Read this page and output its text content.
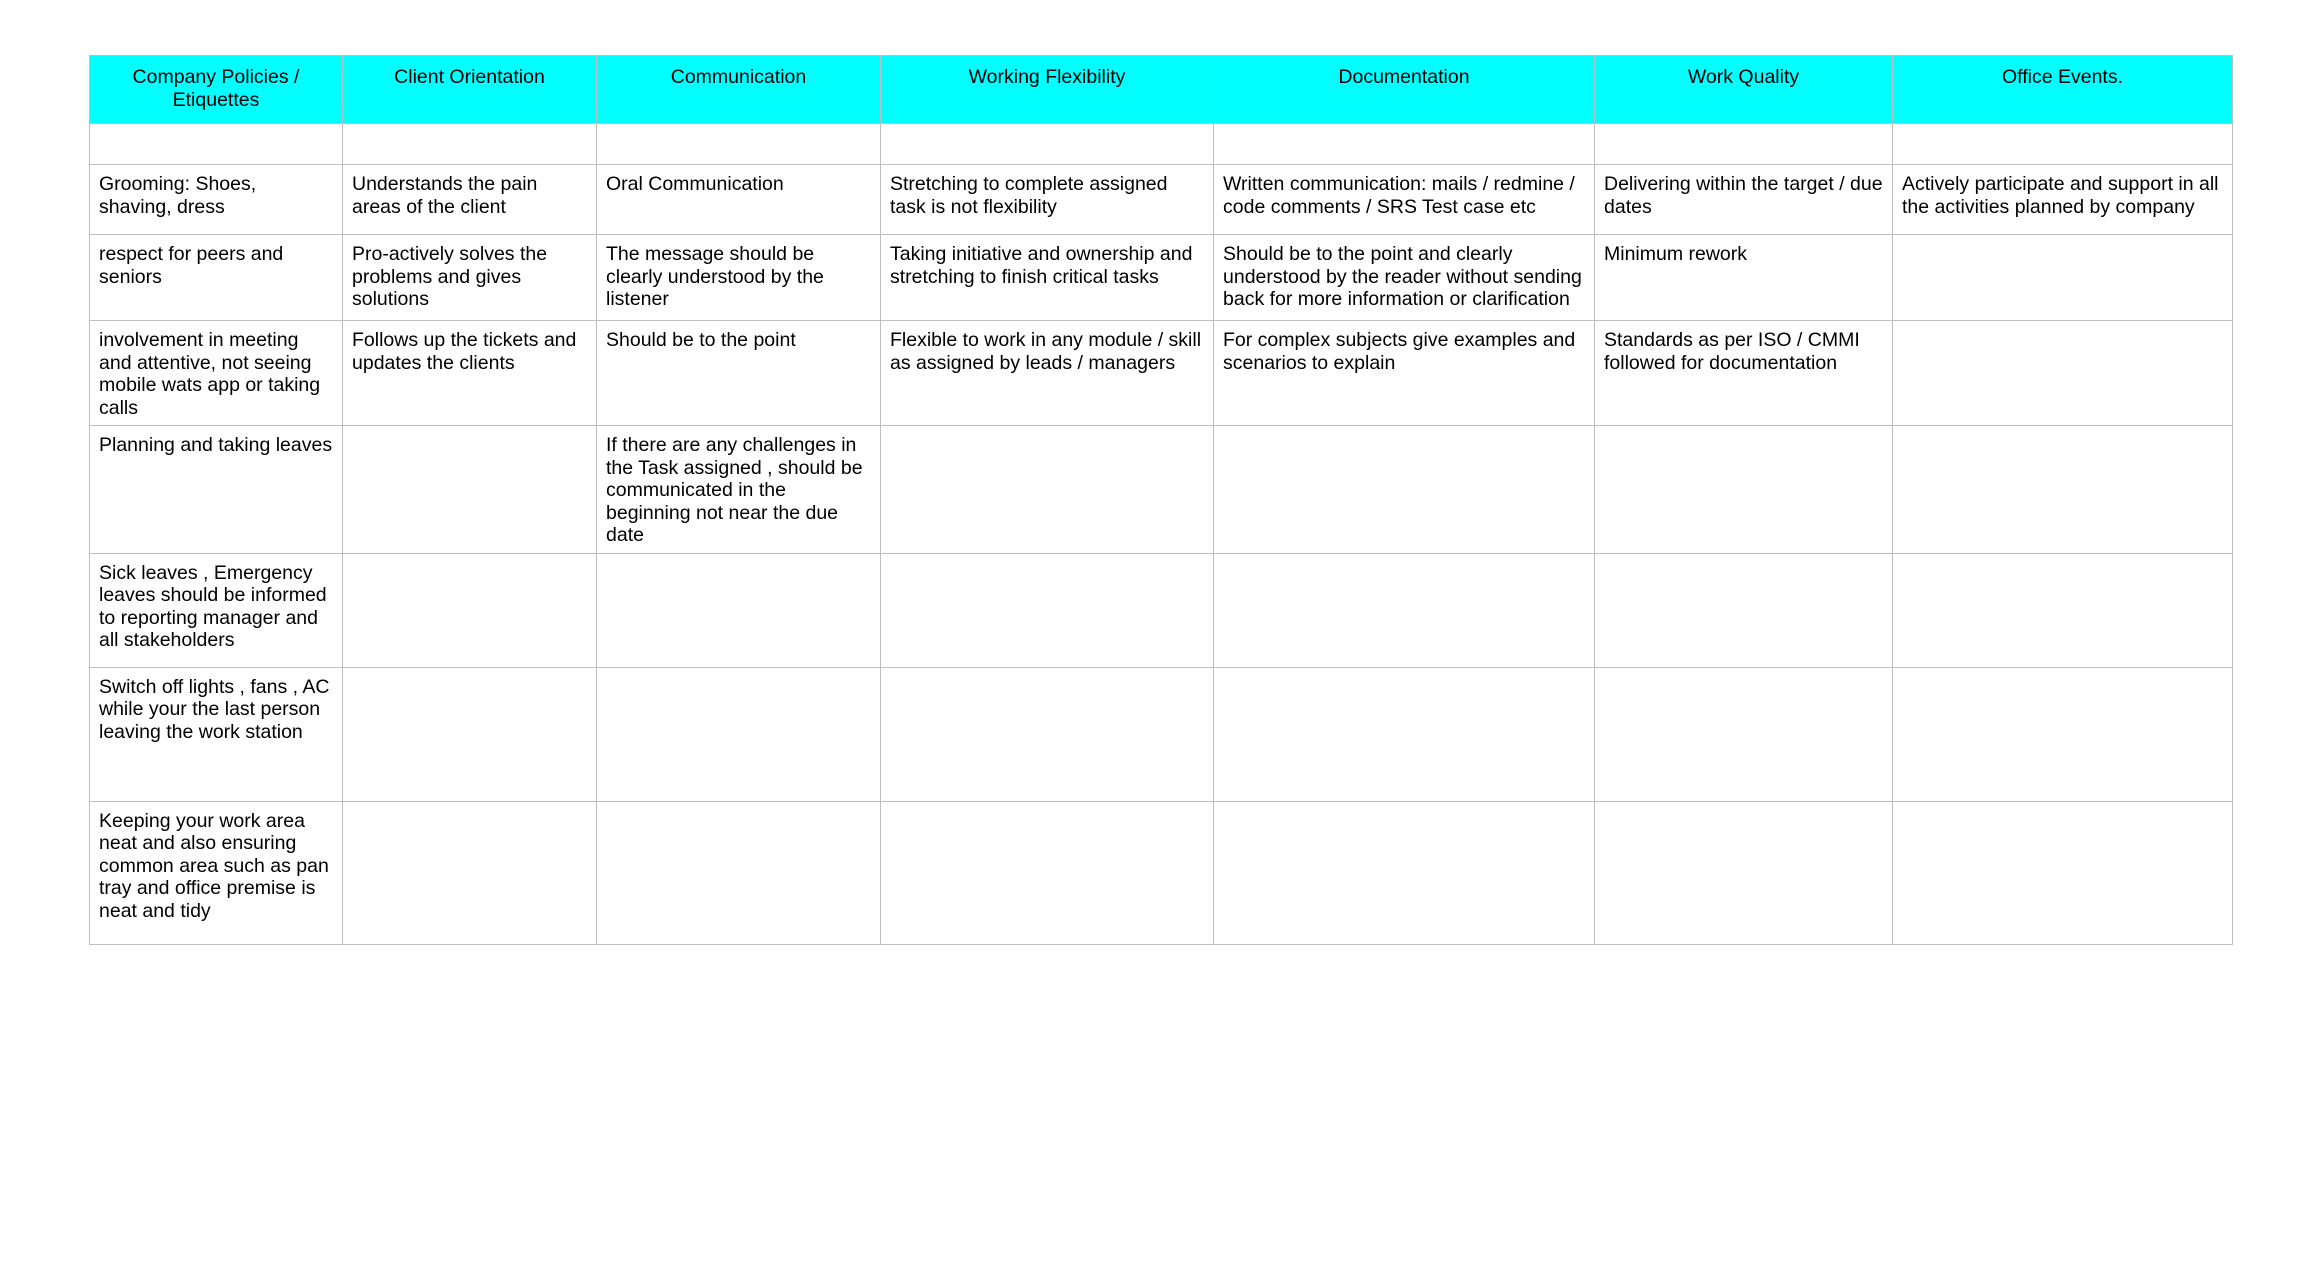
Company Policies / Etiquettes	Client Orientation	Communication	Working Flexibility	Documentation	Work Quality	Office Events.

Grooming: Shoes, shaving, dress	Understands the pain areas of the client	Oral Communication	Stretching to complete assigned task is not flexibility	Written communication: mails / redmine / code comments / SRS Test case etc	Delivering within the target / due dates	Actively participate and support in all the activities planned by company
respect for peers and seniors	Pro-actively solves the problems and gives solutions	The message should be clearly understood by the listener	Taking initiative and ownership and stretching to finish critical tasks	Should be to the point and clearly understood by the reader without sending back for more information or clarification	Minimum rework	
involvement in meeting and attentive, not seeing mobile wats app or taking calls	Follows up the tickets and updates the clients	Should be to the point	Flexible to work in any module / skill as assigned by leads / managers	For complex subjects give examples and scenarios to explain	Standards as per ISO / CMMI followed for documentation	
Planning and taking leaves		If there are any challenges in the Task assigned , should be communicated in the beginning not near the due date				
Sick leaves , Emergency leaves should be informed to reporting manager and all stakeholders						
Switch off lights , fans , AC while your the last person leaving the work station						
Keeping your work area neat and also ensuring common area such as pan tray and office premise is neat and tidy						
